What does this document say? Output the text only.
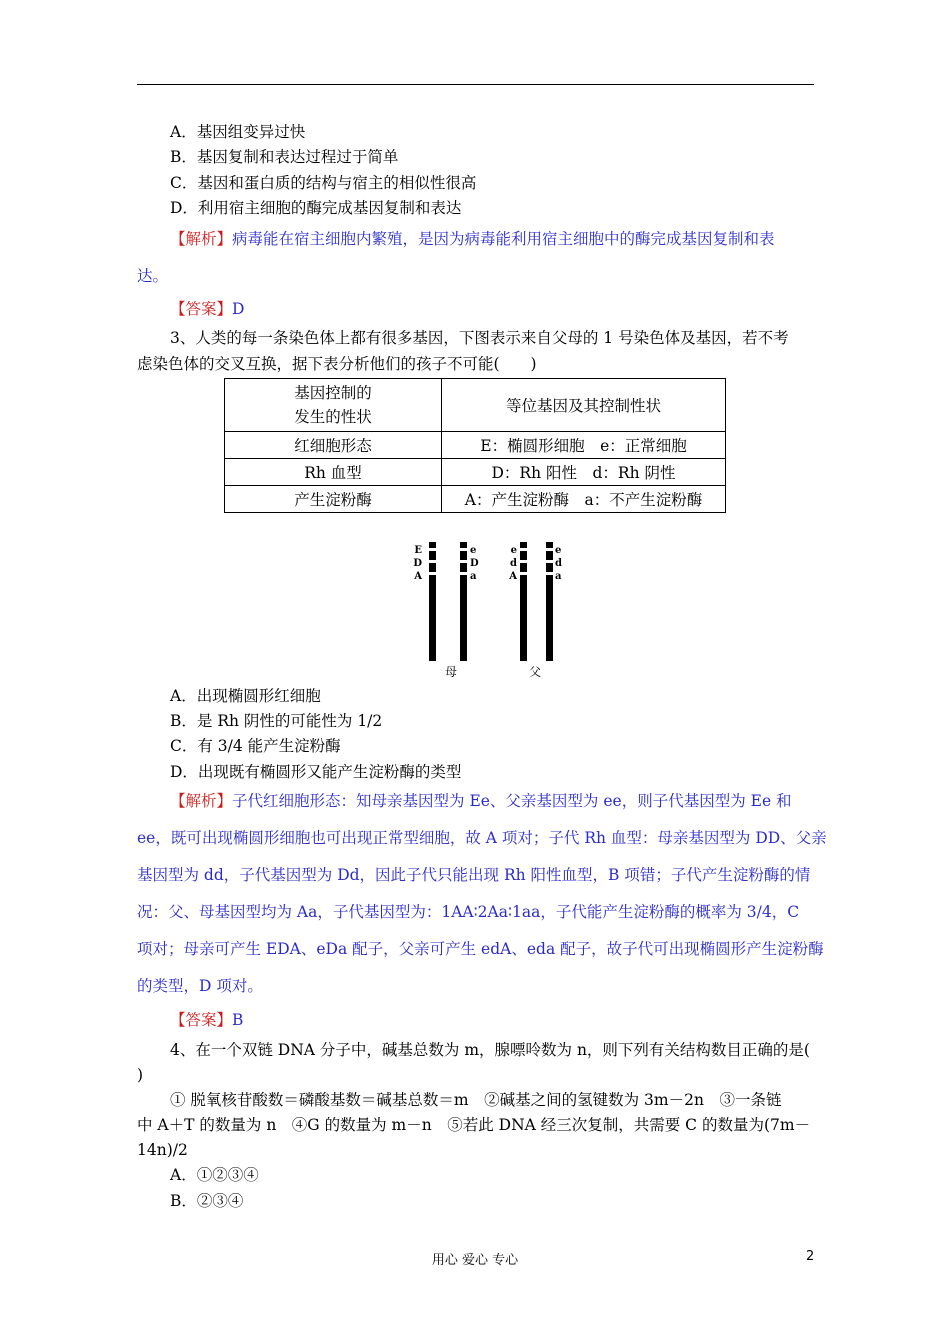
A．基因组变异过快
B．基因复制和表达过程过于简单
C．基因和蛋白质的结构与宿主的相似性很高
D．利用宿主细胞的酶完成基因复制和表达
【解析】病毒能在宿主细胞内繁殖，是因为病毒能利用宿主细胞中的酶完成基因复制和表
达。
【答案】D
3、人类的每一条染色体上都有很多基因，下图表示来自父母的 1 号染色体及基因，若不考
虑染色体的交叉互换，据下表分析他们的孩子不可能(　　)
基因控制的
发生的性状	等位基因及其控制性状
红细胞形态	E：椭圆形细胞　e：正常细胞
Rh 血型	D：Rh 阳性　d：Rh 阴性
产生淀粉酶	A：产生淀粉酶　a：不产生淀粉酶
E
D
A
e
D
a
e
d
A
e
d
a
母	父
A．出现椭圆形红细胞
B．是 Rh 阴性的可能性为 1/2
C．有 3/4 能产生淀粉酶
D．出现既有椭圆形又能产生淀粉酶的类型
【解析】子代红细胞形态：知母亲基因型为 Ee、父亲基因型为 ee，则子代基因型为 Ee 和
ee，既可出现椭圆形细胞也可出现正常型细胞，故 A 项对；子代 Rh 血型：母亲基因型为 DD、父亲
基因型为 dd，子代基因型为 Dd，因此子代只能出现 Rh 阳性血型，B 项错；子代产生淀粉酶的情
况：父、母基因型均为 Aa，子代基因型为：1AA∶2Aa∶1aa，子代能产生淀粉酶的概率为 3/4，C
项对；母亲可产生 EDA、eDa 配子，父亲可产生 edA、eda 配子，故子代可出现椭圆形产生淀粉酶
的类型，D 项对。
【答案】B
4、在一个双链 DNA 分子中，碱基总数为 m，腺嘌呤数为 n，则下列有关结构数目正确的是(
)
① 脱氧核苷酸数＝磷酸基数＝碱基总数＝m　②碱基之间的氢键数为 3m－2n　③一条链
中 A＋T 的数量为 n　④G 的数量为 m－n　⑤若此 DNA 经三次复制，共需要 C 的数量为(7m－
14n)/2
A．①②③④
B．②③④
用心 爱心 专心	2
